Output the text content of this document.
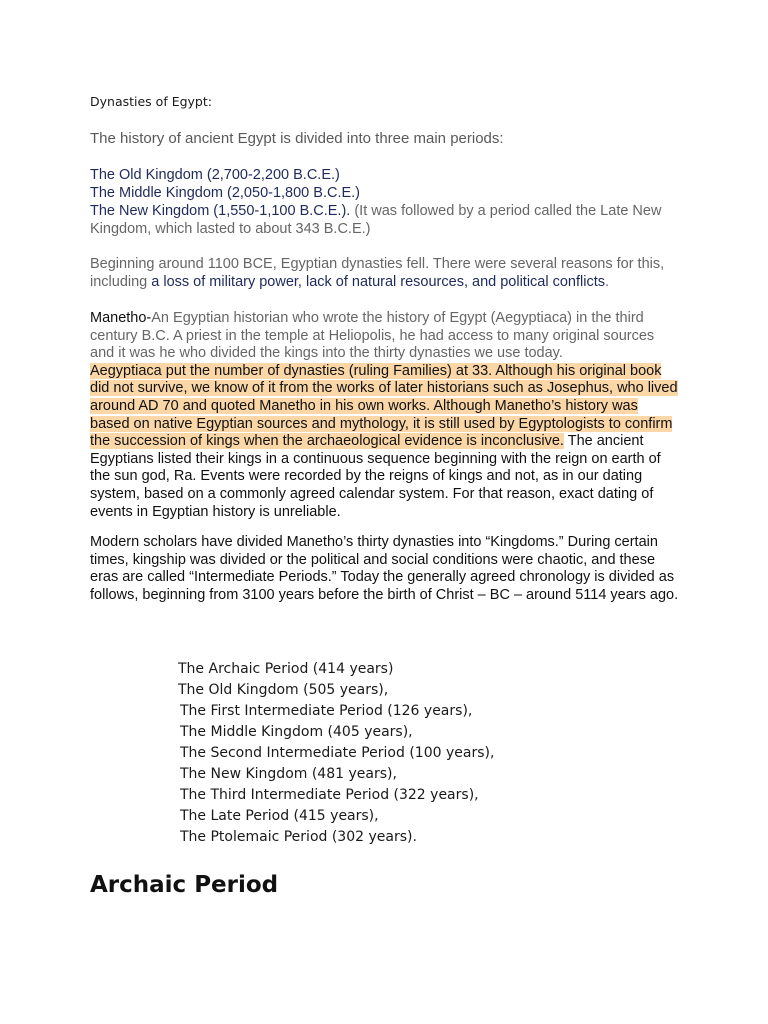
Dynasties of Egypt:
The history of ancient Egypt is divided into three main periods:
The Old Kingdom (2,700-2,200 B.C.E.)
The Middle Kingdom (2,050-1,800 B.C.E.)
The New Kingdom (1,550-1,100 B.C.E.). (It was followed by a period called the Late New Kingdom, which lasted to about 343 B.C.E.)
Beginning around 1100 BCE, Egyptian dynasties fell. There were several reasons for this, including a loss of military power, lack of natural resources, and political conflicts.
Manetho-An Egyptian historian who wrote the history of Egypt (Aegyptiaca) in the third century B.C. A priest in the temple at Heliopolis, he had access to many original sources and it was he who divided the kings into the thirty dynasties we use today.
Aegyptiaca put the number of dynasties (ruling Families) at 33. Although his original book did not survive, we know of it from the works of later historians such as Josephus, who lived around AD 70 and quoted Manetho in his own works. Although Manetho’s history was based on native Egyptian sources and mythology, it is still used by Egyptologists to confirm the succession of kings when the archaeological evidence is inconclusive. The ancient Egyptians listed their kings in a continuous sequence beginning with the reign on earth of the sun god, Ra. Events were recorded by the reigns of kings and not, as in our dating system, based on a commonly agreed calendar system. For that reason, exact dating of events in Egyptian history is unreliable.
Modern scholars have divided Manetho’s thirty dynasties into “Kingdoms.” During certain times, kingship was divided or the political and social conditions were chaotic, and these eras are called “Intermediate Periods.” Today the generally agreed chronology is divided as follows, beginning from 3100 years before the birth of Christ – BC – around 5114 years ago.
The Archaic Period (414 years)
The Old Kingdom (505 years),
The First Intermediate Period (126 years),
The Middle Kingdom (405 years),
The Second Intermediate Period (100 years),
The New Kingdom (481 years),
The Third Intermediate Period (322 years),
The Late Period (415 years),
The Ptolemaic Period (302 years).
Archaic Period
